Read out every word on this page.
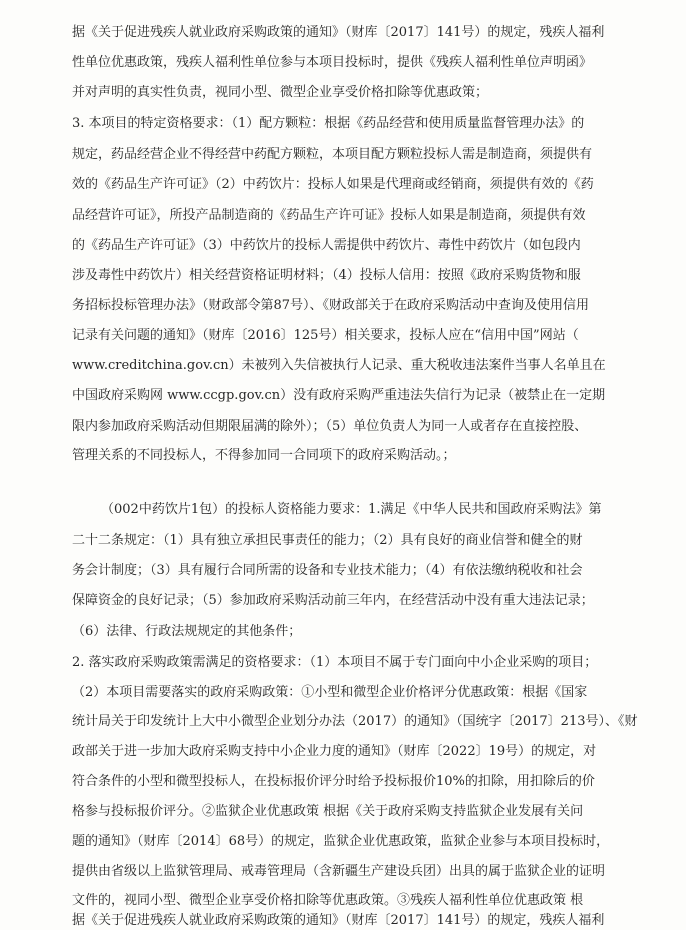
据《关于促进残疾人就业政府采购政策的通知》（财库〔2017〕141号）的规定，残疾人福利
性单位优惠政策，残疾人福利性单位参与本项目投标时，提供《残疾人福利性单位声明函》
并对声明的真实性负责，视同小型、微型企业享受价格扣除等优惠政策；
3. 本项目的特定资格要求：（1）配方颗粒：根据《药品经营和使用质量监督管理办法》的
规定，药品经营企业不得经营中药配方颗粒，本项目配方颗粒投标人需是制造商，须提供有
效的《药品生产许可证》（2）中药饮片：投标人如果是代理商或经销商，须提供有效的《药
品经营许可证》，所投产品制造商的《药品生产许可证》投标人如果是制造商，须提供有效
的《药品生产许可证》（3）中药饮片的投标人需提供中药饮片、毒性中药饮片（如包段内
涉及毒性中药饮片）相关经营资格证明材料；（4）投标人信用：按照《政府采购货物和服
务招标投标管理办法》（财政部令第87号）、《财政部关于在政府采购活动中查询及使用信用
记录有关问题的通知》（财库〔2016〕125号）相关要求，投标人应在“信用中国”网站（
www.creditchina.gov.cn）未被列入失信被执行人记录、重大税收违法案件当事人名单且在
中国政府采购网 www.ccgp.gov.cn）没有政府采购严重违法失信行为记录（被禁止在一定期
限内参加政府采购活动但期限届满的除外）；（5）单位负责人为同一人或者存在直接控股、
管理关系的不同投标人，不得参加同一合同项下的政府采购活动。；
（002中药饮片1包）的投标人资格能力要求：1.满足《中华人民共和国政府采购法》第
二十二条规定：（1）具有独立承担民事责任的能力；（2）具有良好的商业信誉和健全的财
务会计制度；（3）具有履行合同所需的设备和专业技术能力；（4）有依法缴纳税收和社会
保障资金的良好记录；（5）参加政府采购活动前三年内，在经营活动中没有重大违法记录；
（6）法律、行政法规规定的其他条件；
2. 落实政府采购政策需满足的资格要求：（1）本项目不属于专门面向中小企业采购的项目；
（2）本项目需要落实的政府采购政策：①小型和微型企业价格评分优惠政策：根据《国家
统计局关于印发统计上大中小微型企业划分办法（2017）的通知》（国统字〔2017〕213号）、《财
政部关于进一步加大政府采购支持中小企业力度的通知》（财库〔2022〕19号）的规定，对
符合条件的小型和微型投标人，在投标报价评分时给予投标报价10%的扣除，用扣除后的价
格参与投标报价评分。②监狱企业优惠政策 根据《关于政府采购支持监狱企业发展有关问
题的通知》（财库〔2014〕68号）的规定，监狱企业优惠政策，监狱企业参与本项目投标时，
提供由省级以上监狱管理局、戒毒管理局（含新疆生产建设兵团）出具的属于监狱企业的证明
文件的，视同小型、微型企业享受价格扣除等优惠政策。③残疾人福利性单位优惠政策 根
据《关于促进残疾人就业政府采购政策的通知》（财库〔2017〕141号）的规定，残疾人福利
